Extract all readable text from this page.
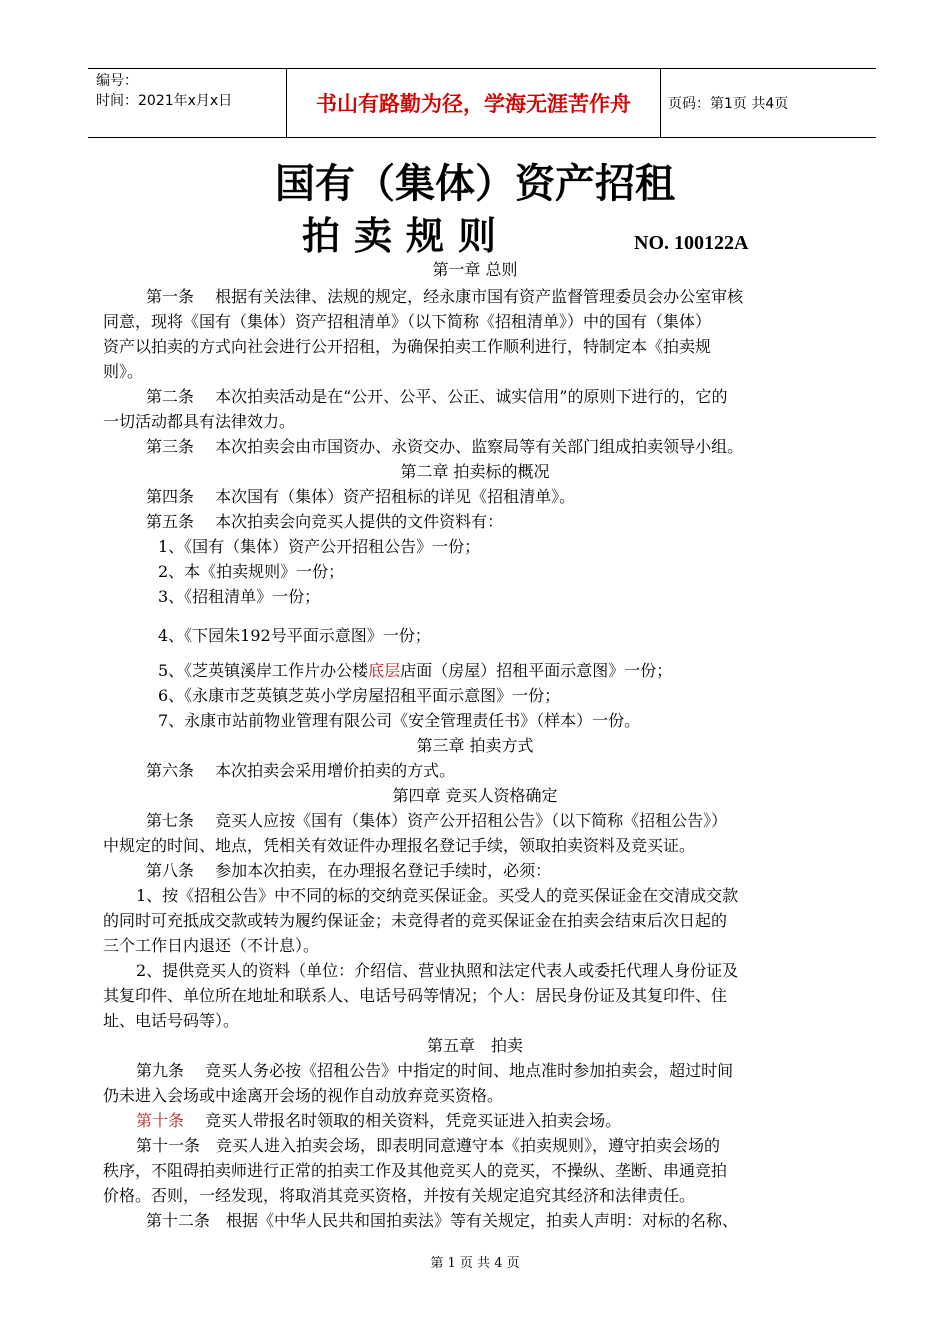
编号：
时间：2021年x月x日	书山有路勤为径，学海无涯苦作舟	页码：第1页 共4页
国有（集体）资产招租
拍卖规则	NO. 100122A
第一章 总则
第一条　 根据有关法律、法规的规定，经永康市国有资产监督管理委员会办公室审核
同意，现将《国有（集体）资产招租清单》（以下简称《招租清单》）中的国有（集体）
资产以拍卖的方式向社会进行公开招租，为确保拍卖工作顺利进行，特制定本《拍卖规
则》。
第二条　 本次拍卖活动是在“公开、公平、公正、诚实信用”的原则下进行的，它的
一切活动都具有法律效力。
第三条　 本次拍卖会由市国资办、永资交办、监察局等有关部门组成拍卖领导小组。
第二章 拍卖标的概况
第四条　 本次国有（集体）资产招租标的详见《招租清单》。
第五条　 本次拍卖会向竞买人提供的文件资料有：
1、《国有（集体）资产公开招租公告》一份；
2、本《拍卖规则》一份；
3、《招租清单》一份；
4、《下园朱192号平面示意图》一份；
5、《芝英镇溪岸工作片办公楼底层店面（房屋）招租平面示意图》一份；
6、《永康市芝英镇芝英小学房屋招租平面示意图》一份；
7、永康市站前物业管理有限公司《安全管理责任书》（样本）一份。
第三章 拍卖方式
第六条　 本次拍卖会采用增价拍卖的方式。
第四章 竞买人资格确定
第七条　 竞买人应按《国有（集体）资产公开招租公告》（以下简称《招租公告》）
中规定的时间、地点，凭相关有效证件办理报名登记手续，领取拍卖资料及竞买证。
第八条　 参加本次拍卖，在办理报名登记手续时，必须：
1、按《招租公告》中不同的标的交纳竞买保证金。买受人的竞买保证金在交清成交款
的同时可充抵成交款或转为履约保证金；未竞得者的竞买保证金在拍卖会结束后次日起的
三个工作日内退还（不计息）。
2、提供竞买人的资料（单位：介绍信、营业执照和法定代表人或委托代理人身份证及
其复印件、单位所在地址和联系人、电话号码等情况；个人：居民身份证及其复印件、住
址、电话号码等）。
第五章　拍卖
第九条　 竞买人务必按《招租公告》中指定的时间、地点准时参加拍卖会，超过时间
仍未进入会场或中途离开会场的视作自动放弃竞买资格。
第十条　 竞买人带报名时领取的相关资料，凭竞买证进入拍卖会场。
第十一条　竞买人进入拍卖会场，即表明同意遵守本《拍卖规则》，遵守拍卖会场的
秩序，不阻碍拍卖师进行正常的拍卖工作及其他竞买人的竞买，不操纵、垄断、串通竞拍
价格。否则，一经发现，将取消其竞买资格，并按有关规定追究其经济和法律责任。
第十二条　根据《中华人民共和国拍卖法》等有关规定，拍卖人声明：对标的名称、
第 1 页 共 4 页
